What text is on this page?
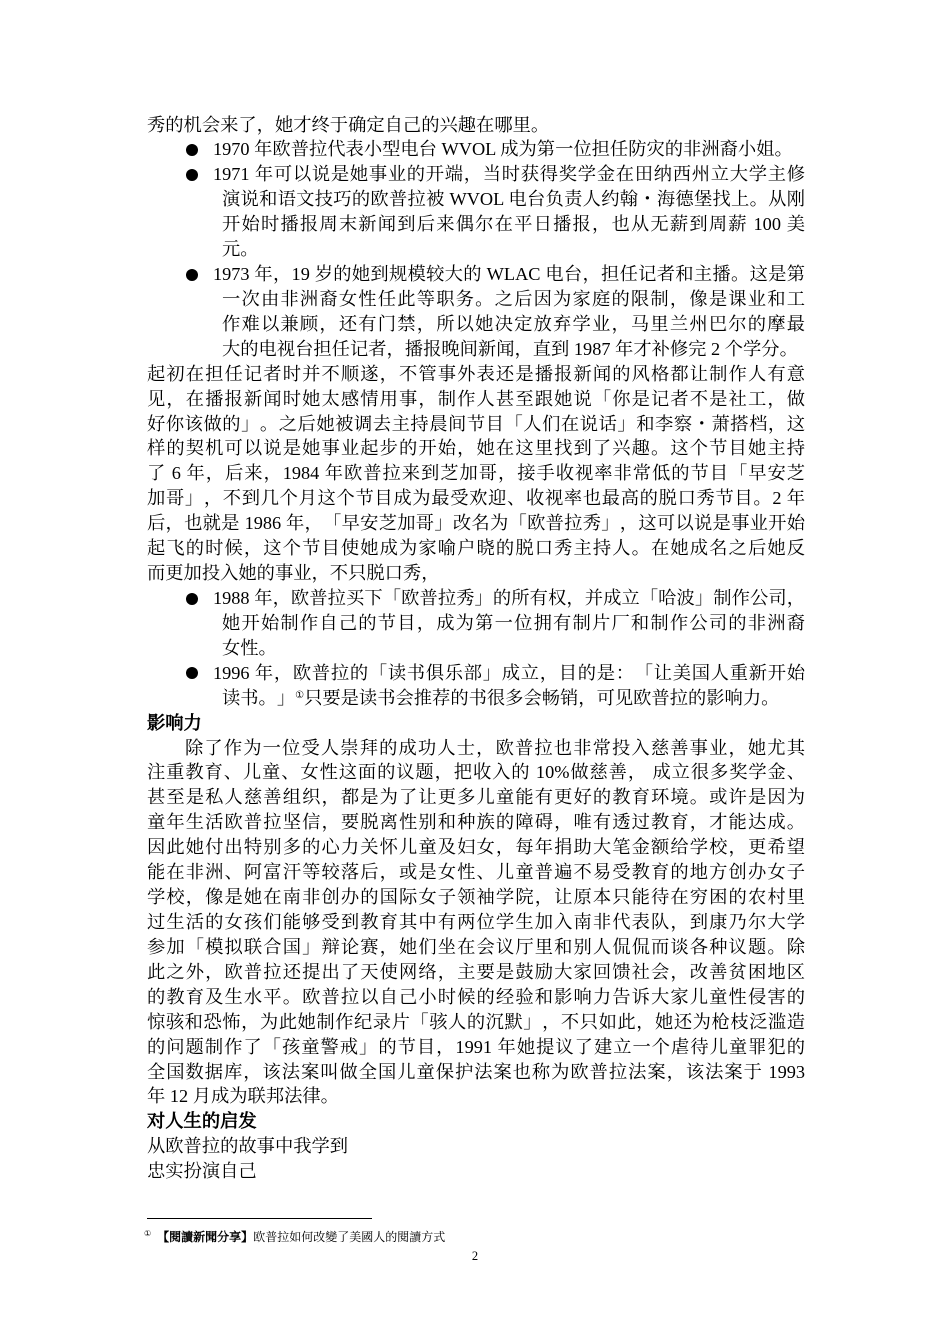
秀的机会来了，她才终于确定自己的兴趣在哪里。
1970 年欧普拉代表小型电台 WVOL 成为第一位担任防灾的非洲裔小姐。
1971 年可以说是她事业的开端，当时获得奖学金在田纳西州立大学主修
演说和语文技巧的欧普拉被 WVOL 电台负责人约翰・海德堡找上。从刚
开始时播报周末新闻到后来偶尔在平日播报，也从无薪到周薪 100 美
元。
1973 年，19 岁的她到规模较大的 WLAC 电台，担任记者和主播。这是第
一次由非洲裔女性任此等职务。之后因为家庭的限制，像是课业和工
作难以兼顾，还有门禁，所以她决定放弃学业，马里兰州巴尔的摩最
大的电视台担任记者，播报晚间新闻，直到 1987 年才补修完 2 个学分。
起初在担任记者时并不顺遂，不管事外表还是播报新闻的风格都让制作人有意
见，在播报新闻时她太感情用事，制作人甚至跟她说「你是记者不是社工，做
好你该做的」。之后她被调去主持晨间节目「人们在说话」和李察・萧搭档，这
样的契机可以说是她事业起步的开始，她在这里找到了兴趣。这个节目她主持
了 6 年，后来，1984 年欧普拉来到芝加哥，接手收视率非常低的节目「早安芝
加哥」，不到几个月这个节目成为最受欢迎、收视率也最高的脱口秀节目。2 年
后，也就是 1986 年，「早安芝加哥」改名为「欧普拉秀」，这可以说是事业开始
起飞的时候，这个节目使她成为家喻户晓的脱口秀主持人。在她成名之后她反
而更加投入她的事业，不只脱口秀，
1988 年，欧普拉买下「欧普拉秀」的所有权，并成立「哈波」制作公司，
她开始制作自己的节目，成为第一位拥有制片厂和制作公司的非洲裔
女性。
1996 年，欧普拉的「读书俱乐部」成立，目的是：「让美国人重新开始
读书。」①只要是读书会推荐的书很多会畅销，可见欧普拉的影响力。
影响力
除了作为一位受人崇拜的成功人士，欧普拉也非常投入慈善事业，她尤其
注重教育、儿童、女性这面的议题，把收入的 10%做慈善， 成立很多奖学金、
甚至是私人慈善组织，都是为了让更多儿童能有更好的教育环境。或许是因为
童年生活欧普拉坚信，要脱离性别和种族的障碍，唯有透过教育，才能达成。
因此她付出特别多的心力关怀儿童及妇女，每年捐助大笔金额给学校，更希望
能在非洲、阿富汗等较落后，或是女性、儿童普遍不易受教育的地方创办女子
学校，像是她在南非创办的国际女子领袖学院，让原本只能待在穷困的农村里
过生活的女孩们能够受到教育其中有两位学生加入南非代表队，到康乃尔大学
参加「模拟联合国」辩论赛，她们坐在会议厅里和别人侃侃而谈各种议题。除
此之外，欧普拉还提出了天使网络，主要是鼓励大家回馈社会，改善贫困地区
的教育及生水平。欧普拉以自己小时候的经验和影响力告诉大家儿童性侵害的
惊骇和恐怖，为此她制作纪录片「骇人的沉默」，不只如此，她还为枪枝泛滥造
的问题制作了「孩童警戒」的节目，1991 年她提议了建立一个虐待儿童罪犯的
全国数据库，该法案叫做全国儿童保护法案也称为欧普拉法案，该法案于 1993
年 12 月成为联邦法律。
对人生的启发
从欧普拉的故事中我学到
忠实扮演自己
① 【閱讀新聞分享】欧普拉如何改變了美國人的閱讀方式
2
